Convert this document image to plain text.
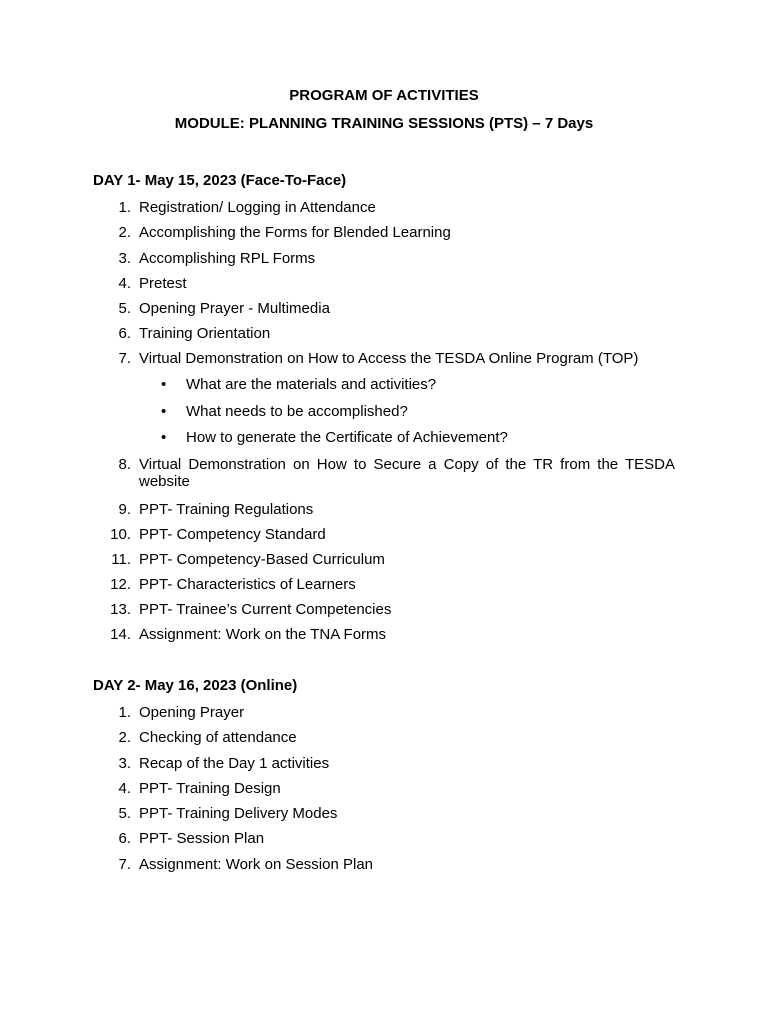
PROGRAM OF ACTIVITIES
MODULE: PLANNING TRAINING SESSIONS (PTS) – 7 Days
DAY 1- May 15, 2023 (Face-To-Face)
1. Registration/ Logging in Attendance
2. Accomplishing the Forms for Blended Learning
3. Accomplishing RPL Forms
4. Pretest
5. Opening Prayer - Multimedia
6. Training Orientation
7. Virtual Demonstration on How to Access the TESDA Online Program (TOP)
• What are the materials and activities?
• What needs to be accomplished?
• How to generate the Certificate of Achievement?
8. Virtual Demonstration on How to Secure a Copy of the TR from the TESDA website
9. PPT- Training Regulations
10. PPT- Competency Standard
11. PPT- Competency-Based Curriculum
12. PPT- Characteristics of Learners
13. PPT- Trainee’s Current Competencies
14. Assignment: Work on the TNA Forms
DAY 2- May 16, 2023 (Online)
1. Opening Prayer
2. Checking of attendance
3. Recap of the Day 1 activities
4. PPT- Training Design
5. PPT- Training Delivery Modes
6. PPT- Session Plan
7. Assignment: Work on Session Plan
